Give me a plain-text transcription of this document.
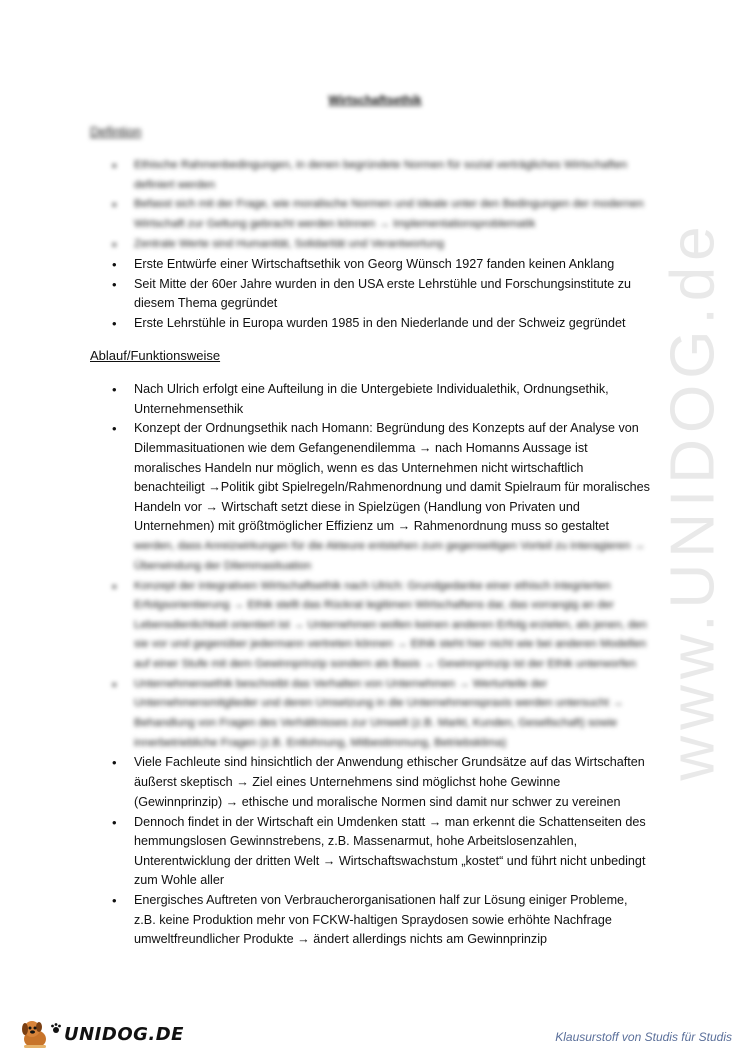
www.UNIDOG.de
Wirtschaftsethik
Defintion
• Ethische Rahmenbedingungen, in denen begründete Normen für sozial verträgliches Wirtschaften definiert werden
• Befasst sich mit der Frage, wie moralische Normen und Ideale unter den Bedingungen der modernen Wirtschaft zur Geltung gebracht werden können → Implementationsproblematik
• Zentrale Werte sind Humanität, Solidarität und Verantwortung
• Erste Entwürfe einer Wirtschaftsethik von Georg Wünsch 1927 fanden keinen Anklang
• Seit Mitte der 60er Jahre wurden in den USA erste Lehrstühle und Forschungsinstitute zu diesem Thema gegründet
• Erste Lehrstühle in Europa wurden 1985 in den Niederlande und der Schweiz gegründet
Ablauf/Funktionsweise
• Nach Ulrich erfolgt eine Aufteilung in die Untergebiete Individualethik, Ordnungsethik, Unternehmensethik
• Konzept der Ordnungsethik nach Homann: Begründung des Konzepts auf der Analyse von Dilemmasituationen wie dem Gefangenendilemma → nach Homanns Aussage ist moralisches Handeln nur möglich, wenn es das Unternehmen nicht wirtschaftlich benachteiligt →Politik gibt Spielregeln/Rahmenordnung und damit Spielraum für moralisches Handeln vor → Wirtschaft setzt diese in Spielzügen (Handlung von Privaten und Unternehmen) mit größtmöglicher Effizienz um → Rahmenordnung muss so gestaltet
werden, dass Anreizwirkungen für die Akteure entstehen zum gegenseitigen Vorteil zu interagieren → Überwindung der Dilemmasituation
• Konzept der integrativen Wirtschaftsethik nach Ulrich: Grundgedanke einer ethisch integrierten Erfolgsorientierung → Ethik stellt das Rückrat legitimen Wirtschaftens dar, das vorrangig an der Lebensdienlichkeit orientiert ist → Unternehmen wollen keinen anderen Erfolg erzielen, als jenen, den sie vor und gegenüber jedermann vertreten können → Ethik steht hier nicht wie bei anderen Modellen auf einer Stufe mit dem Gewinnprinzip sondern als Basis → Gewinnprinzip ist der Ethik unterworfen
• Unternehmensethik beschreibt das Verhalten von Unternehmen → Werturteile der Unternehmensmitglieder und deren Umsetzung in die Unternehmenspraxis werden untersucht → Behandlung von Fragen des Verhältnisses zur Umwelt (z.B. Markt, Kunden, Gesellschaft) sowie innerbetriebliche Fragen (z.B. Entlohnung, Mitbestimmung, Betriebsklima)
• Viele Fachleute sind hinsichtlich der Anwendung ethischer Grundsätze auf das Wirtschaften äußerst skeptisch → Ziel eines Unternehmens sind möglichst hohe Gewinne (Gewinnprinzip) → ethische und moralische Normen sind damit nur schwer zu vereinen
• Dennoch findet in der Wirtschaft ein Umdenken statt → man erkennt die Schattenseiten des hemmungslosen Gewinnstrebens, z.B. Massenarmut, hohe Arbeitslosenzahlen, Unterentwicklung der dritten Welt → Wirtschaftswachstum „kostet“ und führt nicht unbedingt zum Wohle aller
• Energisches Auftreten von Verbraucherorganisationen half zur Lösung einiger Probleme, z.B. keine Produktion mehr von FCKW-haltigen Spraydosen sowie erhöhte Nachfrage umweltfreundlicher Produkte → ändert allerdings nichts am Gewinnprinzip
UNIDOG.DE	Klausurstoff von Studis für Studis
